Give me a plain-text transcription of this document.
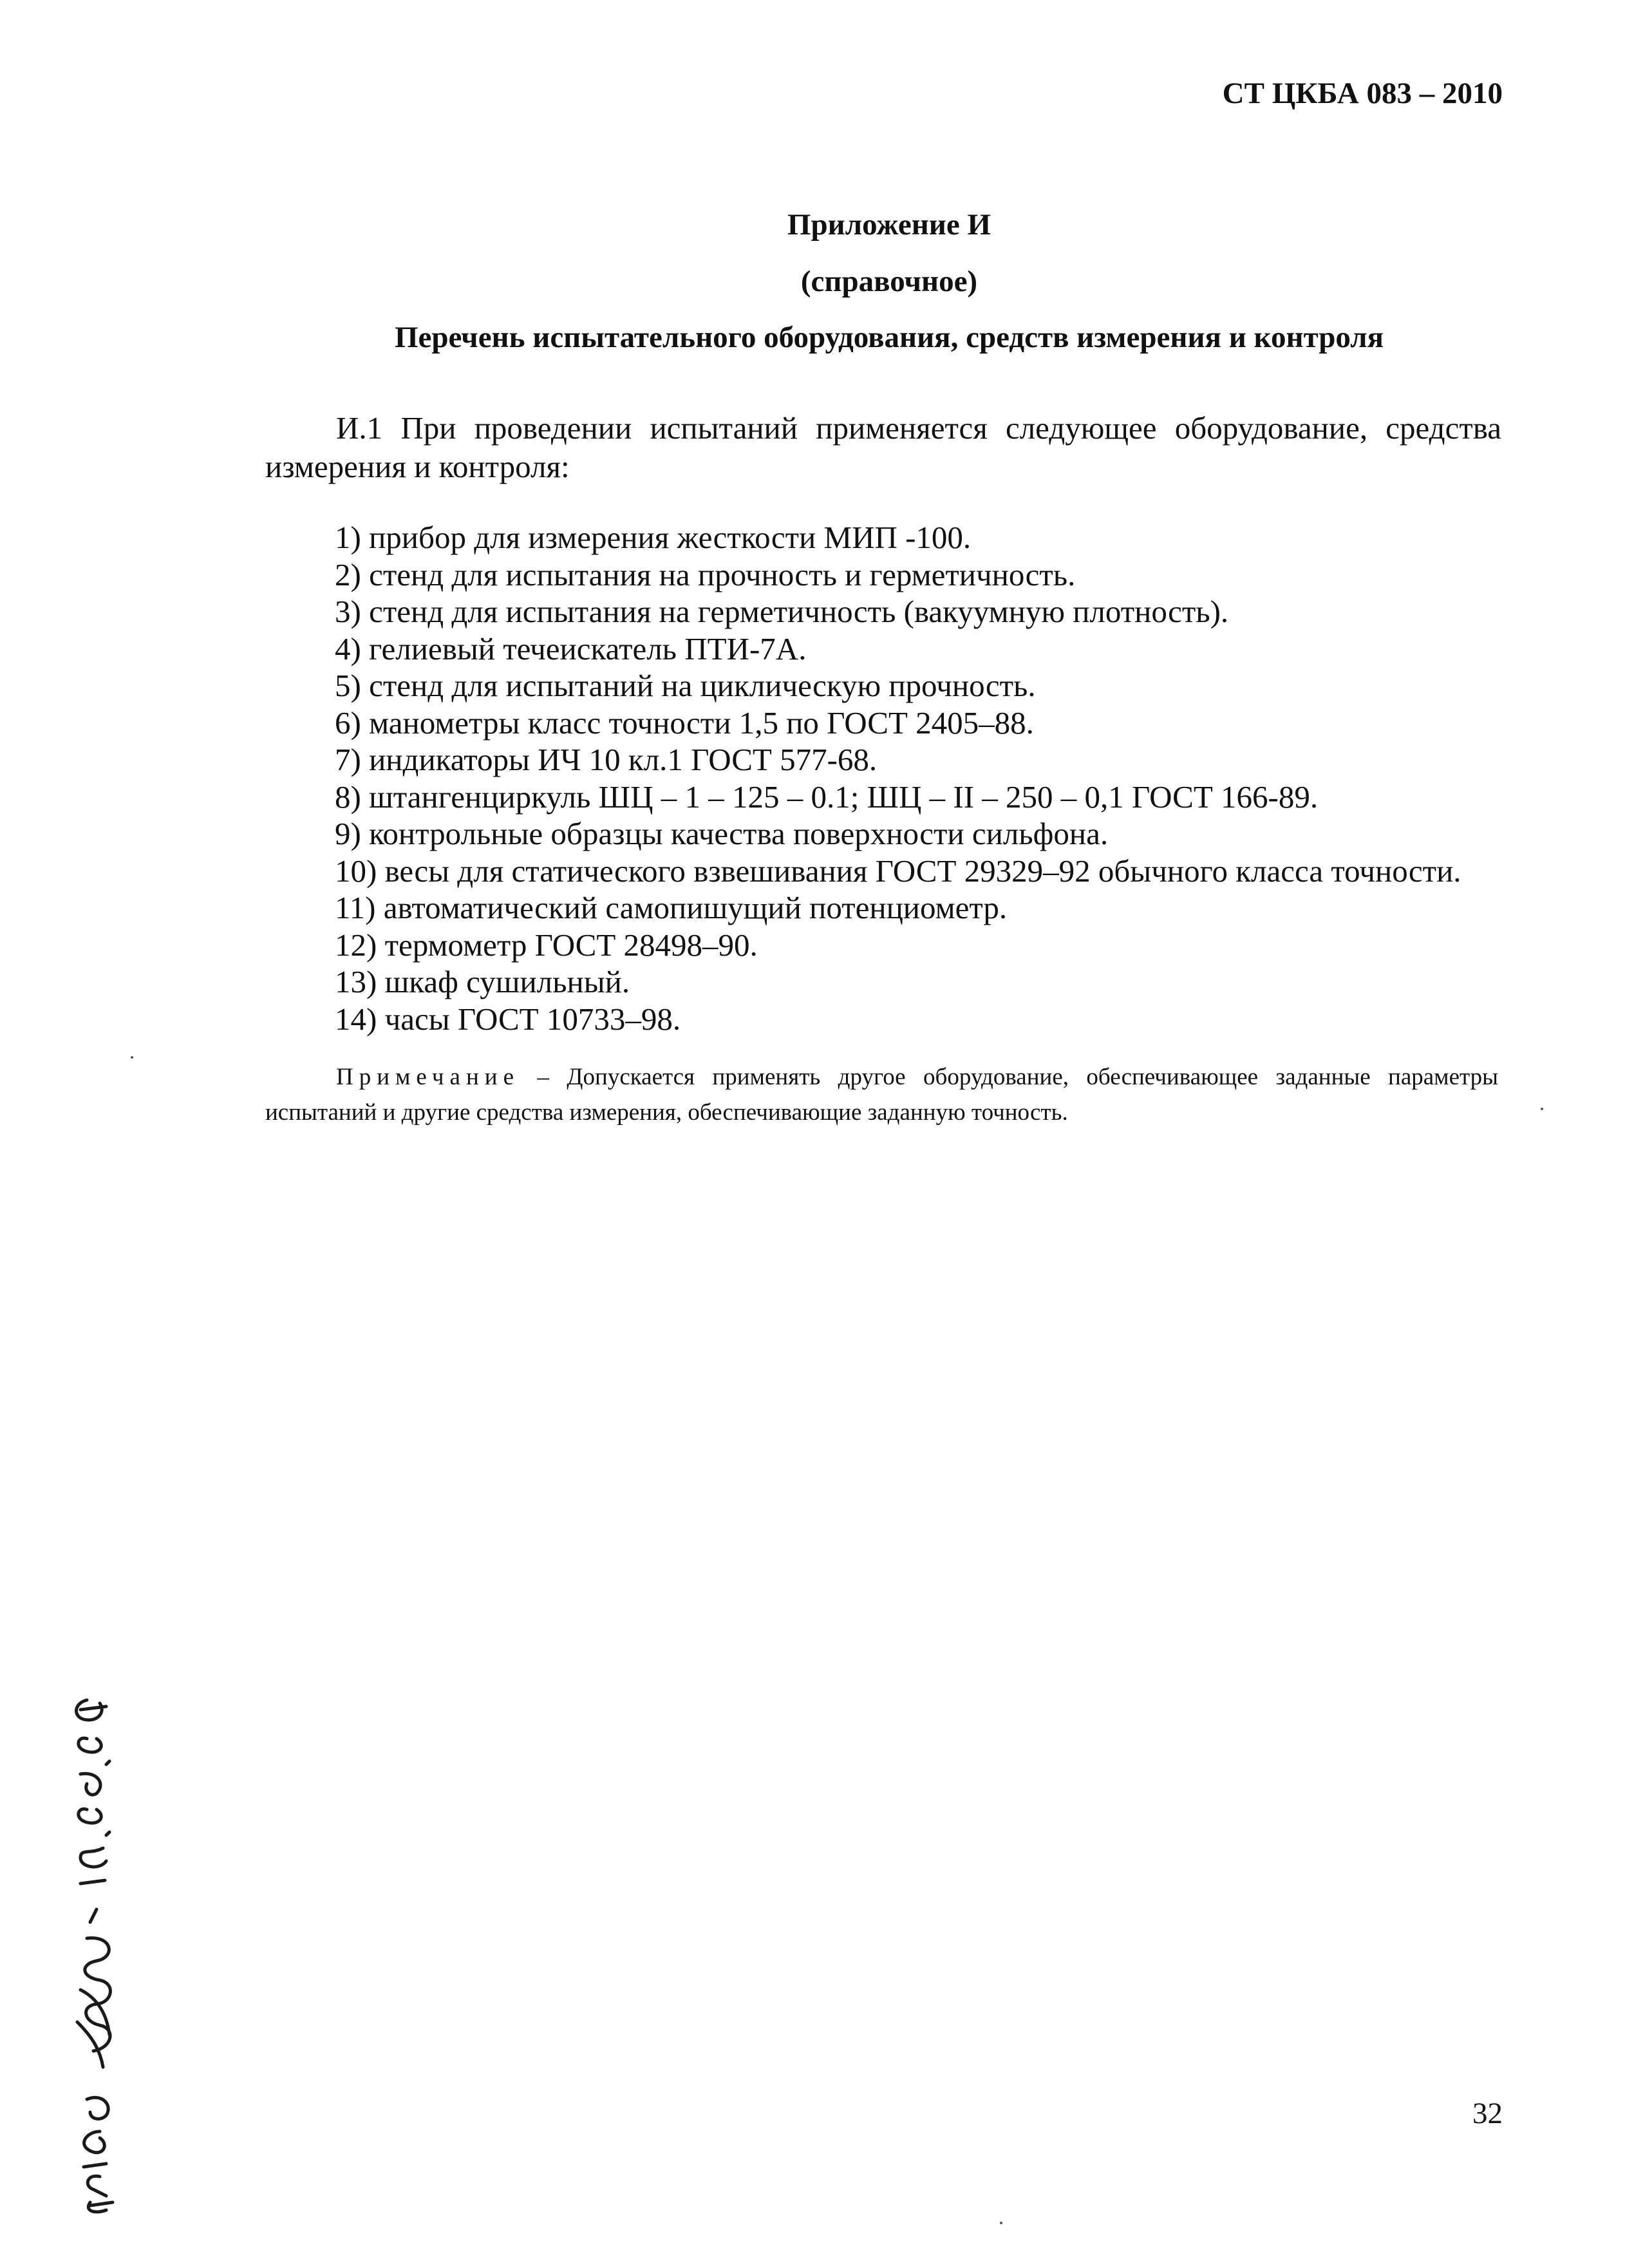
СТ ЦКБА 083 – 2010
Приложение И
(справочное)
Перечень испытательного оборудования, средств измерения и контроля

И.1 При проведении испытаний применяется следующее оборудование, средства измерения и контроля:

1) прибор для измерения жесткости МИП -100.
2) стенд для испытания на прочность и герметичность.
3) стенд для испытания на герметичность (вакуумную плотность).
4) гелиевый течеискатель ПТИ-7А.
5) стенд для испытаний на циклическую прочность.
6) манометры класс точности 1,5 по ГОСТ 2405–88.
7) индикаторы ИЧ 10 кл.1 ГОСТ 577-68.
8) штангенциркуль ШЦ – 1 – 125 – 0.1; ШЦ – II – 250 – 0,1 ГОСТ 166-89.
9) контрольные образцы качества поверхности сильфона.
10) весы для статического взвешивания ГОСТ 29329–92 обычного класса точности.
11) автоматический самопишущий потенциометр.
12) термометр ГОСТ 28498–90.
13) шкаф сушильный.
14) часы ГОСТ 10733–98.

Примечание – Допускается применять другое оборудование, обеспечивающее заданные параметры испытаний и другие средства измерения, обеспечивающие заданную точность.

32
